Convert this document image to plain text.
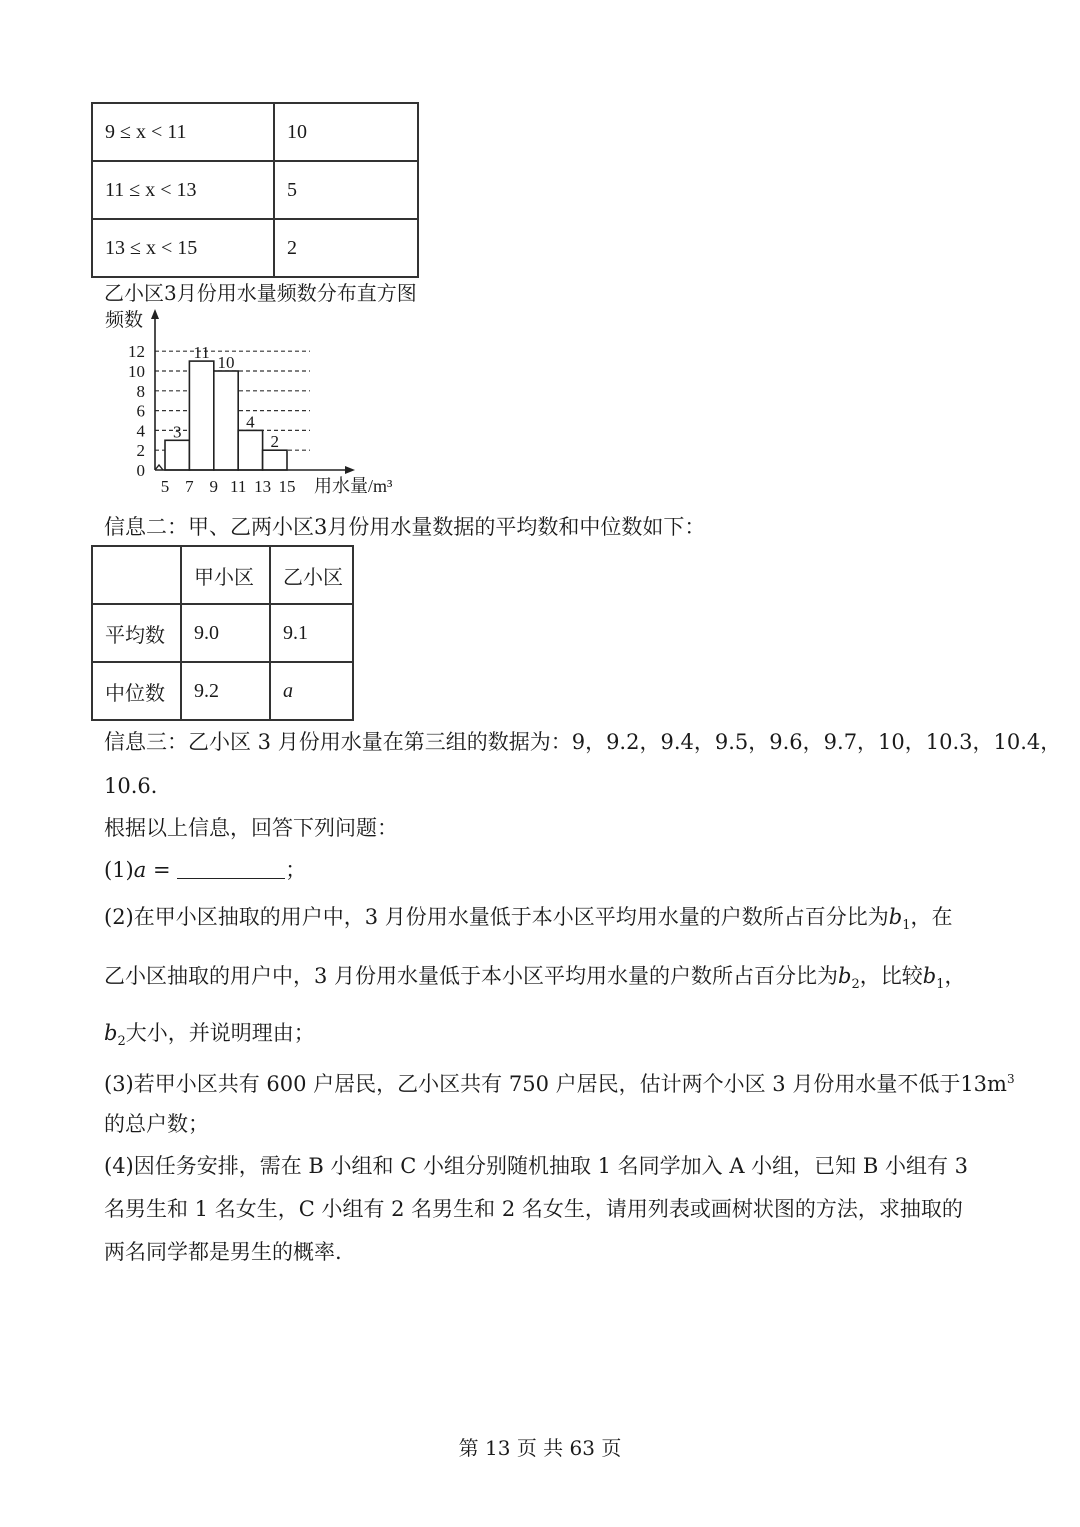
9 ≤ x < 11	10
11 ≤ x < 13	5
13 ≤ x < 15	2
乙小区3月份用水量频数分布直方图
3
11
10
4
2
0
2
4
6
8
10
12
5 7 9 11 13 15
频数
用水量/m³
信息二：甲、乙两小区3月份用水量数据的平均数和中位数如下：
	甲小区	乙小区
平均数	9.0	9.1
中位数	9.2	a
信息三：乙小区 3 月份用水量在第三组的数据为：9，9.2，9.4，9.5，9.6，9.7，10，10.3，10.4，
10.6．
根据以上信息，回答下列问题：
(1)a =	；
(2)在甲小区抽取的用户中，3 月份用水量低于本小区平均用水量的户数所占百分比为$b_1$，在
乙小区抽取的用户中，3 月份用水量低于本小区平均用水量的户数所占百分比为$b_2$，比较$b_1$，
$b_2$大小，并说明理由；
(3)若甲小区共有 600 户居民，乙小区共有 750 户居民，估计两个小区 3 月份用水量不低于$13m^3$
的总户数；
(4)因任务安排，需在 B 小组和 C 小组分别随机抽取 1 名同学加入 A 小组，已知 B 小组有 3
名男生和 1 名女生，C 小组有 2 名男生和 2 名女生，请用列表或画树状图的方法，求抽取的
两名同学都是男生的概率.
第 13 页 共 63 页
